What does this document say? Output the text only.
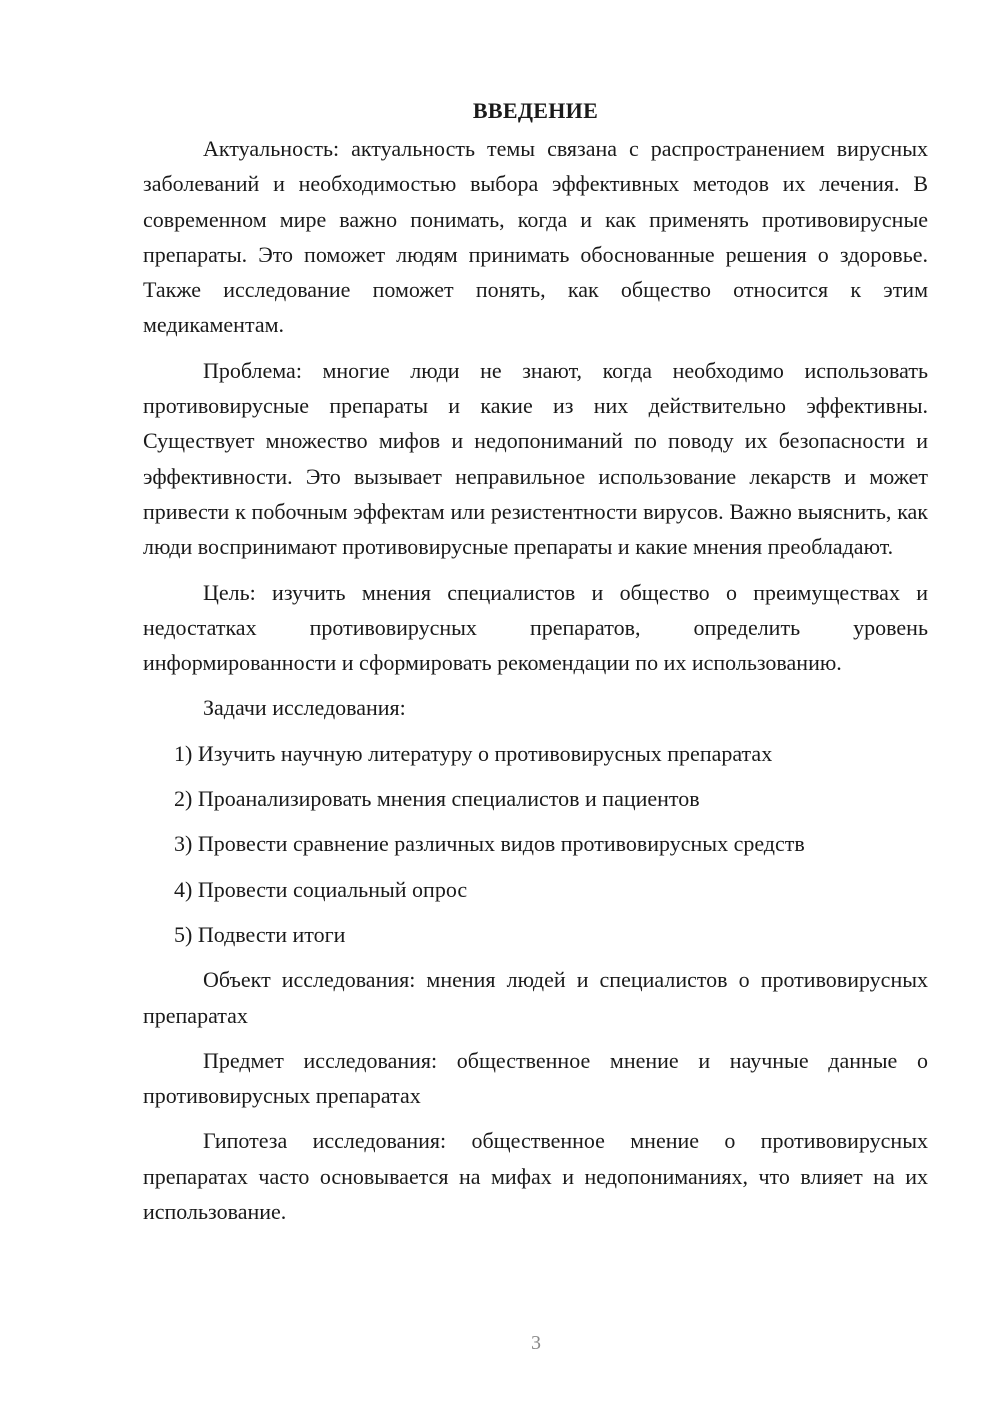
ВВЕДЕНИЕ

Актуальность: актуальность темы связана с распространением вирусных заболеваний и необходимостью выбора эффективных методов их лечения. В современном мире важно понимать, когда и как применять противовирусные препараты. Это поможет людям принимать обоснованные решения о здоровье. Также исследование поможет понять, как общество относится к этим медикаментам.

Проблема: многие люди не знают, когда необходимо использовать противовирусные препараты и какие из них действительно эффективны. Существует множество мифов и недопониманий по поводу их безопасности и эффективности. Это вызывает неправильное использование лекарств и может привести к побочным эффектам или резистентности вирусов. Важно выяснить, как люди воспринимают противовирусные препараты и какие мнения преобладают.

Цель: изучить мнения специалистов и общество о преимуществах и недостатках противовирусных препаратов, определить уровень информированности и сформировать рекомендации по их использованию.

Задачи исследования:

1) Изучить научную литературу о противовирусных препаратах
2) Проанализировать мнения специалистов и пациентов
3) Провести сравнение различных видов противовирусных средств
4) Провести социальный опрос
5) Подвести итоги

Объект исследования: мнения людей и специалистов о противовирусных препаратах

Предмет исследования: общественное мнение и научные данные о противовирусных препаратах

Гипотеза исследования: общественное мнение о противовирусных препаратах часто основывается на мифах и недопониманиях, что влияет на их использование.

3
